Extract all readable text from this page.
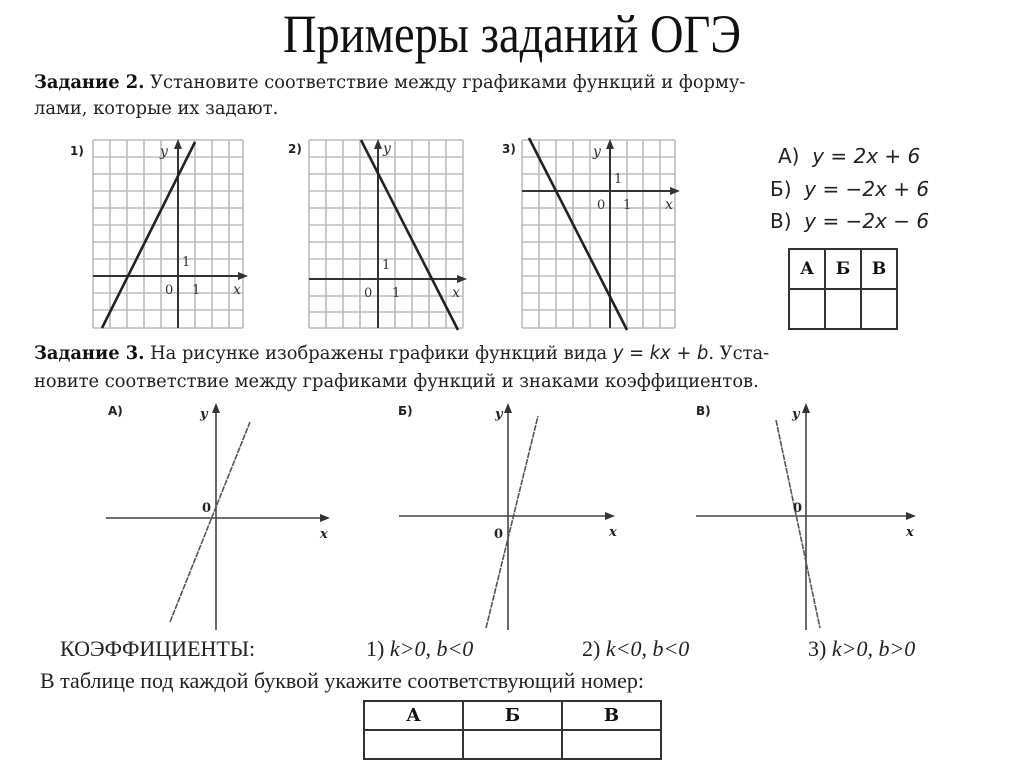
Примеры заданий ОГЭ
Задание 2. Установите соответствие между графиками функций и форму-
лами, которые их задают.
1)	y
x
0 1
1
2)	y
x
0 1
1
3)	y
x
0 1
1
А) y = 2x + 6
Б) y = −2x + 6
В) y = −2x − 6
А	Б	В

Задание 3. На рисунке изображены графики функций вида y = kx + b. Уста-
новите соответствие между графиками функций и знаками коэффициентов.
А)	y
x
0
Б)	y
x
0
В)	y
x
0
КОЭФФИЦИЕНТЫ:	1) k>0, b<0	2) k<0, b<0	3) k>0, b>0
В таблице под каждой буквой укажите соответствующий номер:
А	Б	В
